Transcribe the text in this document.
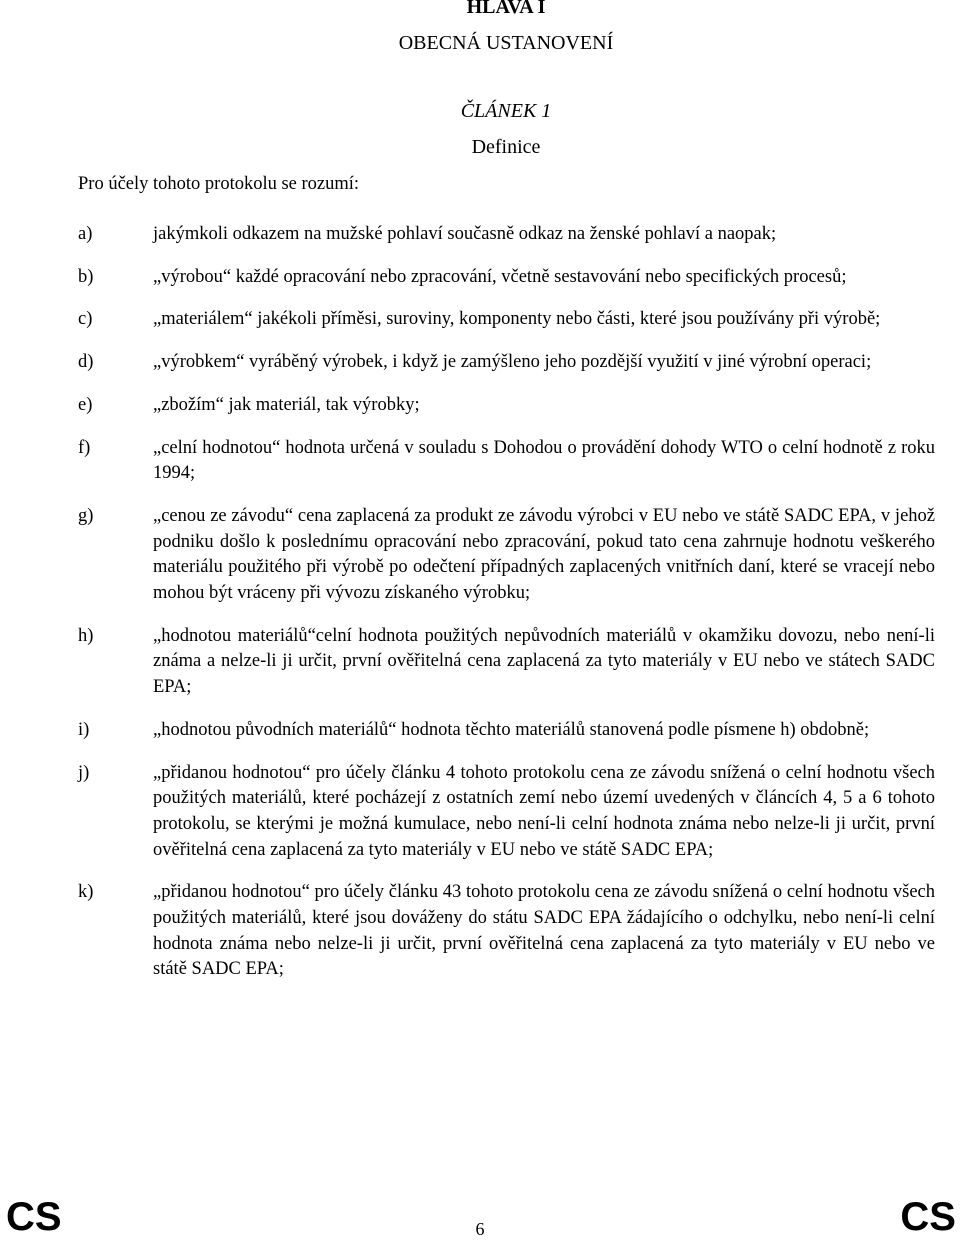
HLAVA I
OBECNÁ USTANOVENÍ
ČLÁNEK 1
Definice
Pro účely tohoto protokolu se rozumí:
a)	jakýmkoli odkazem na mužské pohlaví současně odkaz na ženské pohlaví a naopak;
b)	„výrobou“ každé opracování nebo zpracování, včetně sestavování nebo specifických procesů;
c)	„materiálem“ jakékoli příměsi, suroviny, komponenty nebo části, které jsou používány při výrobě;
d)	„výrobkem“ vyráběný výrobek, i když je zamýšleno jeho pozdější využití v jiné výrobní operaci;
e)	„zbožím“ jak materiál, tak výrobky;
f)	„celní hodnotou“ hodnota určená v souladu s Dohodou o provádění dohody WTO o celní hodnotě z roku 1994;
g)	„cenou ze závodu“ cena zaplacená za produkt ze závodu výrobci v EU nebo ve státě SADC EPA, v jehož podniku došlo k poslednímu opracování nebo zpracování, pokud tato cena zahrnuje hodnotu veškerého materiálu použitého při výrobě po odečtení případných zaplacených vnitřních daní, které se vracejí nebo mohou být vráceny při vývozu získaného výrobku;
h)	„hodnotou materiálů“celní hodnota použitých nepůvodních materiálů v okamžiku dovozu, nebo není-li známa a nelze-li ji určit, první ověřitelná cena zaplacená za tyto materiály v EU nebo ve státech SADC EPA;
i)	„hodnotou původních materiálů“ hodnota těchto materiálů stanovená podle písmene h) obdobně;
j)	„přidanou hodnotou“ pro účely článku 4 tohoto protokolu cena ze závodu snížená o celní hodnotu všech použitých materiálů, které pocházejí z ostatních zemí nebo území uvedených v článcích 4, 5 a 6 tohoto protokolu, se kterými je možná kumulace, nebo není-li celní hodnota známa nebo nelze-li ji určit, první ověřitelná cena zaplacená za tyto materiály v EU nebo ve státě SADC EPA;
k)	„přidanou hodnotou“ pro účely článku 43 tohoto protokolu cena ze závodu snížená o celní hodnotu všech použitých materiálů, které jsou dováženy do státu SADC EPA žádajícího o odchylku, nebo není-li celní hodnota známa nebo nelze-li ji určit, první ověřitelná cena zaplacená za tyto materiály v EU nebo ve státě SADC EPA;
CS	6	CS
